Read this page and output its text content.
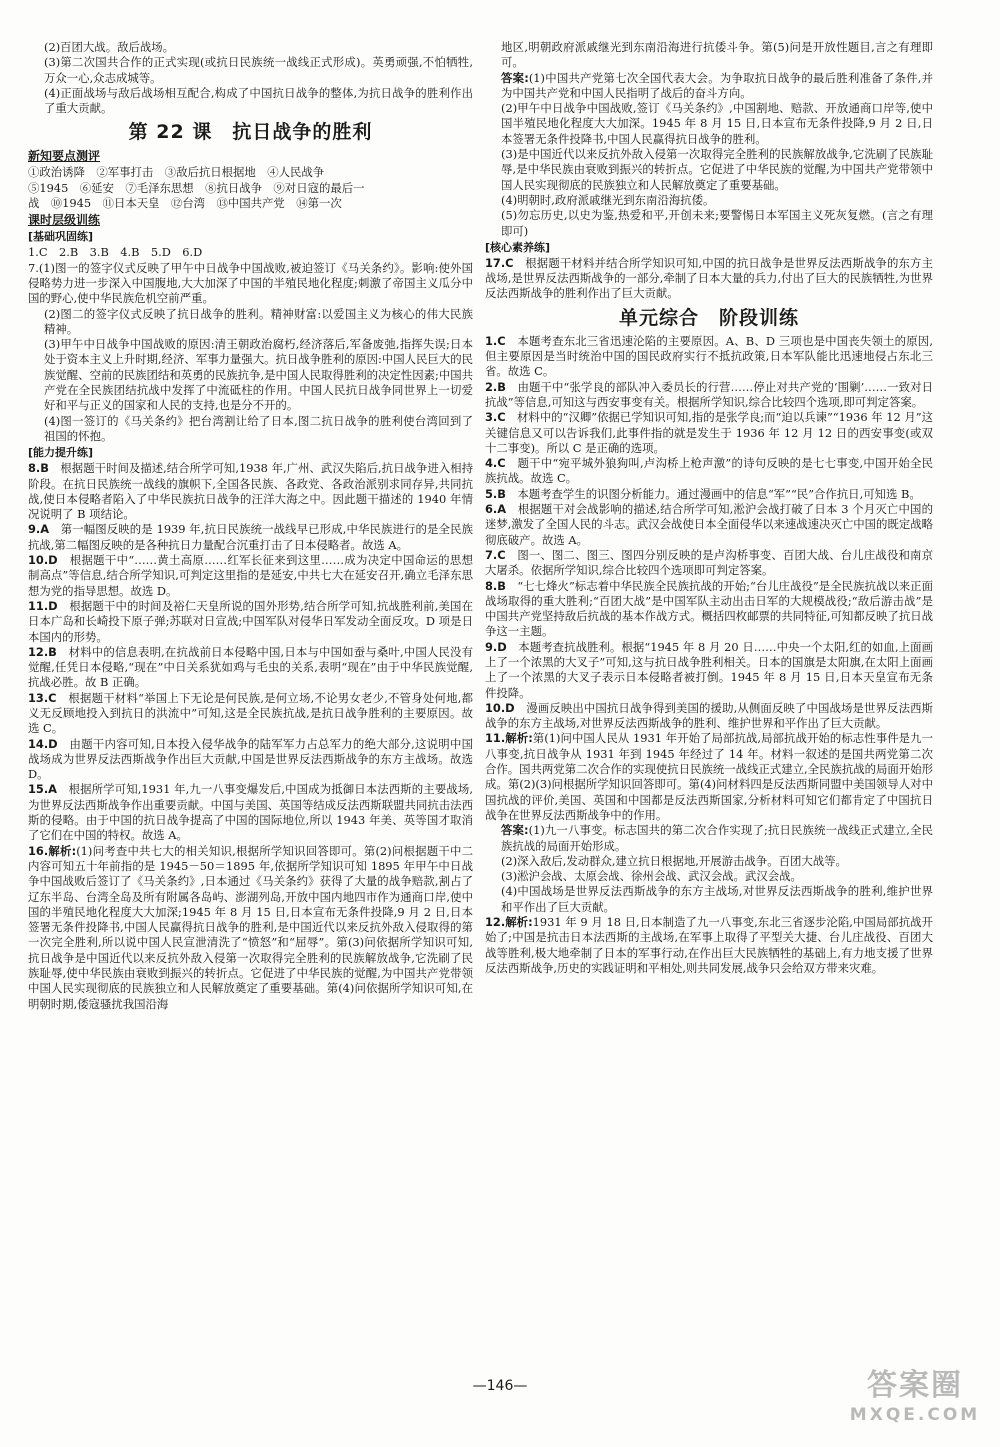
(2)百团大战。敌后战场。

(3)第二次国共合作的正式实现(或抗日民族统一战线正式形成)。英勇顽强,不怕牺牲,万众一心,众志成城等。

(4)正面战场与敌后战场相互配合,构成了中国抗日战争的整体,为抗日战争的胜利作出了重大贡献。

第 22 课　抗日战争的胜利
新知要点测评
①政治诱降　②军事打击　③敌后抗日根据地　④人民战争
⑤1945　⑥延安　⑦毛泽东思想　⑧抗日战争　⑨对日寇的最后一
战　⑩1945　⑪日本天皇　⑫台湾　⑬中国共产党　⑭第一次
课时层级训练
[基础巩固练]
1.C　2.B　3.B　4.B　5.D　6.D

7.(1)图一的签字仪式反映了甲午中日战争中国战败,被迫签订《马关条约》。影响:使外国侵略势力进一步深入中国腹地,大大加深了中国的半殖民地化程度;刺激了帝国主义瓜分中国的野心,使中华民族危机空前严重。

(2)图二的签字仪式反映了抗日战争的胜利。精神财富:以爱国主义为核心的伟大民族精神。

(3)甲午中日战争中国战败的原因:清王朝政治腐朽,经济落后,军备废弛,指挥失误;日本处于资本主义上升时期,经济、军事力量强大。抗日战争胜利的原因:中国人民巨大的民族觉醒、空前的民族团结和英勇的民族抗争,是中国人民取得胜利的决定性因素;中国共产党在全民族团结抗战中发挥了中流砥柱的作用。中国人民抗日战争同世界上一切爱好和平与正义的国家和人民的支持,也是分不开的。

(4)图一签订的《马关条约》把台湾割让给了日本,图二抗日战争的胜利使台湾回到了祖国的怀抱。

[能力提升练]

8.B　 根据题干时间及描述,结合所学可知,1938 年,广州、武汉失陷后,抗日战争进入相持阶段。在抗日民族统一战线的旗帜下,全国各民族、各政党、各政治派别求同存异,共同抗战,使日本侵略者陷入了中华民族抗日战争的汪洋大海之中。因此题干描述的 1940 年情况说明了 B 项结论。

9.A　 第一幅图反映的是 1939 年,抗日民族统一战线早已形成,中华民族进行的是全民族抗战,第二幅图反映的是各种抗日力量配合沉重打击了日本侵略者。故选 A。

10.D　 根据题干中“……黄土高原……红军长征来到这里……成为决定中国命运的思想制高点”等信息,结合所学知识,可判定这里指的是延安,中共七大在延安召开,确立毛泽东思想为党的指导思想。故选 D。

11.D　 根据题干中的时间及裕仁天皇所说的国外形势,结合所学可知,抗战胜利前,美国在日本广岛和长崎投下原子弹;苏联对日宣战;中国军队对侵华日军发动全面反攻。D 项是日本国内的形势。

12.B　 材料中的信息表明,在抗战前日本侵略中国,日本与中国如蚕与桑叶,中国人民没有觉醒,任凭日本侵略,“现在”中日关系犹如鸡与毛虫的关系,表明“现在”由于中华民族觉醒,抗战必胜。故 B 正确。

13.C　 根据题干材料“举国上下无论是何民族,是何立场,不论男女老少,不管身处何地,都义无反顾地投入到抗日的洪流中”可知,这是全民族抗战,是抗日战争胜利的主要原因。故选 C。

14.D　 由题干内容可知,日本投入侵华战争的陆军军力占总军力的绝大部分,这说明中国战场成为世界反法西斯战争作出巨大贡献,中国是世界反法西斯战争的东方主战场。故选 D。

15.A　 根据所学可知,1931 年,九一八事变爆发后,中国成为抵御日本法西斯的主要战场,为世界反法西斯战争作出重要贡献。中国与美国、英国等结成反法西斯联盟共同抗击法西斯的侵略。由于中国的抗日战争提高了中国的国际地位,所以 1943 年美、英等国才取消了它们在中国的特权。故选 A。

16.解析:(1)问考查中共七大的相关知识,根据所学知识回答即可。第(2)问根据题干中二内容可知五十年前指的是 1945－50＝1895 年,依据所学知识可知 1895 年甲午中日战争中国战败后签订了《马关条约》,日本通过《马关条约》获得了大量的战争赔款,割占了辽东半岛、台湾全岛及所有附属各岛屿、澎湖列岛,开放中国内地四市作为通商口岸,使中国的半殖民地化程度大大加深;1945 年 8 月 15 日,日本宣布无条件投降,9 月 2 日,日本签署无条件投降书,中国人民赢得抗日战争的胜利,是中国近代以来反抗外敌入侵取得的第一次完全胜利,所以说中国人民宣泄清洗了“愤怒”和“屈辱”。第(3)问依据所学知识可知,抗日战争是中国近代以来反抗外敌入侵第一次取得完全胜利的民族解放战争,它洗刷了民族耻辱,使中华民族由衰败到振兴的转折点。它促进了中华民族的觉醒,为中国共产党带领中国人民实现彻底的民族独立和人民解放奠定了重要基础。第(4)问依据所学知识可知,在明朝时期,倭寇骚扰我国沿海

地区,明朝政府派戚继光到东南沿海进行抗倭斗争。第(5)问是开放性题目,言之有理即可。

答案:(1)中国共产党第七次全国代表大会。为争取抗日战争的最后胜利准备了条件,并为中国共产党和中国人民指明了战后的奋斗方向。

(2)甲午中日战争中国战败,签订《马关条约》,中国割地、赔款、开放通商口岸等,使中国半殖民地化程度大大加深。1945 年 8 月 15 日,日本宣布无条件投降,9 月 2 日,日本签署无条件投降书,中国人民赢得抗日战争的胜利。

(3)是中国近代以来反抗外敌入侵第一次取得完全胜利的民族解放战争,它洗刷了民族耻辱,是中华民族由衰败到振兴的转折点。它促进了中华民族的觉醒,为中国共产党带领中国人民实现彻底的民族独立和人民解放奠定了重要基础。

(4)明朝时,政府派戚继光到东南沿海抗倭。

(5)勿忘历史,以史为鉴,热爱和平,开创未来;要警惕日本军国主义死灰复燃。(言之有理即可)

[核心素养练]

17.C　 根据题干材料并结合所学知识可知,中国的抗日战争是世界反法西斯战争的东方主战场,是世界反法西斯战争的一部分,牵制了日本大量的兵力,付出了巨大的民族牺牲,为世界反法西斯战争的胜利作出了巨大贡献。

单元综合　阶段训练

1.C　 本题考查东北三省迅速沦陷的主要原因。A、B、D 三项也是中国丧失领土的原因,但主要原因是当时统治中国的国民政府实行不抵抗政策,日本军队能比迅速地侵占东北三省。故选 C。

2.B　 由题干中“张学良的部队冲入委员长的行营……停止对共产党的‘围剿’……一致对日抗战”等信息,可知这与西安事变有关。根据所学知识,综合比较四个选项,即可判定答案。

3.C　 材料中的“汉卿”依据已学知识可知,指的是张学良;而“迫以兵谏”“1936 年 12 月”这关键信息又可以告诉我们,此事件指的就是发生于 1936 年 12 月 12 日的西安事变(或双十二事变)。所以 C 是正确的选项。

4.C　 题干中“宛平城外狼狗叫,卢沟桥上枪声激”的诗句反映的是七七事变,中国开始全民族抗战。故选 C。

5.B　 本题考查学生的识图分析能力。通过漫画中的信息“军”“民”合作抗日,可知选 B。

6.A　 根据题干对会战影响的描述,结合所学可知,淞沪会战打破了日本 3 个月灭亡中国的迷梦,激发了全国人民的斗志。武汉会战使日本全面侵华以来速战速决灭亡中国的既定战略彻底破产。故选 A。

7.C　 图一、图二、图三、图四分别反映的是卢沟桥事变、百团大战、台儿庄战役和南京大屠杀。依据所学知识,综合比较四个选项即可判定答案。

8.B　 “七七烽火”标志着中华民族全民族抗战的开始;“台儿庄战役”是全民族抗战以来正面战场取得的重大胜利;“百团大战”是中国军队主动出击日军的大规模战役;“敌后游击战”是中国共产党坚持敌后抗战的基本作战方式。概括四枚邮票的共同特征,可知都反映了抗日战争这一主题。

9.D　 本题考查抗战胜利。根据“1945 年 8 月 20 日……中央一个太阳,红的如血,上面画上了一个浓黑的大叉子”可知,这与抗日战争胜利相关。日本的国旗是太阳旗,在太阳上面画上了一个浓黑的大叉子表示日本侵略者被打倒。1945 年 8 月 15 日,日本天皇宣布无条件投降。

10.D　 漫画反映出中国抗日战争得到美国的援助,从侧面反映了中国战场是世界反法西斯战争的东方主战场,对世界反法西斯战争的胜利、维护世界和平作出了巨大贡献。

11.解析:第(1)问中国人民从 1931 年开始了局部抗战,局部抗战开始的标志性事件是九一八事变,抗日战争从 1931 年到 1945 年经过了 14 年。材料一叙述的是国共两党第二次合作。国共两党第二次合作的实现使抗日民族统一战线正式建立,全民族抗战的局面开始形成。第(2)(3)问根据所学知识回答即可。第(4)问材料四是反法西斯同盟中美国领导人对中国抗战的评价,美国、英国和中国都是反法西斯国家,分析材料可知它们都肯定了中国抗日战争在世界反法西斯战争中的作用。

答案:(1)九一八事变。标志国共的第二次合作实现了;抗日民族统一战线正式建立,全民族抗战的局面开始形成。

(2)深入敌后,发动群众,建立抗日根据地,开展游击战争。百团大战等。

(3)淞沪会战、太原会战、徐州会战、武汉会战。武汉会战。

(4)中国战场是世界反法西斯战争的东方主战场,对世界反法西斯战争的胜利,维护世界和平作出了巨大贡献。

12.解析:1931 年 9 月 18 日,日本制造了九一八事变,东北三省逐步沦陷,中国局部抗战开始了;中国是抗击日本法西斯的主战场,在军事上取得了平型关大捷、台儿庄战役、百团大战等胜利,极大地牵制了日本的军事行动,在作出巨大民族牺牲的基础上,有力地支援了世界反法西斯战争,历史的实践证明和平相处,则共同发展,战争只会给双方带来灾难。

—146—	答案圈
MXQE.COM
